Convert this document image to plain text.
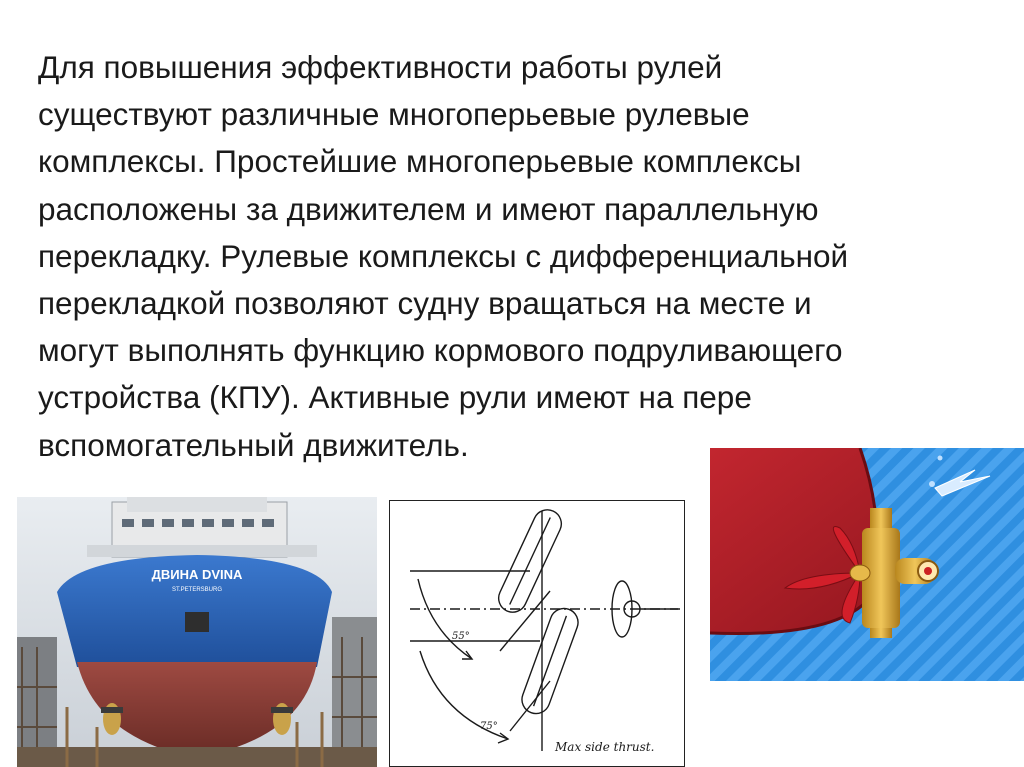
Для повышения эффективности работы рулей
существуют различные многоперьевые рулевые
комплексы. Простейшие многоперьевые комплексы
расположены за движителем и имеют параллельную
перекладку. Рулевые комплексы с дифференциальной
перекладкой позволяют судну вращаться на месте и
могут выполнять функцию кормового подруливающего
устройства (КПУ). Активные рули имеют на пере
вспомогательный движитель.

ДВИНА DVINA
ST.PETERSBURG
55°
75°
Max side thrust.
